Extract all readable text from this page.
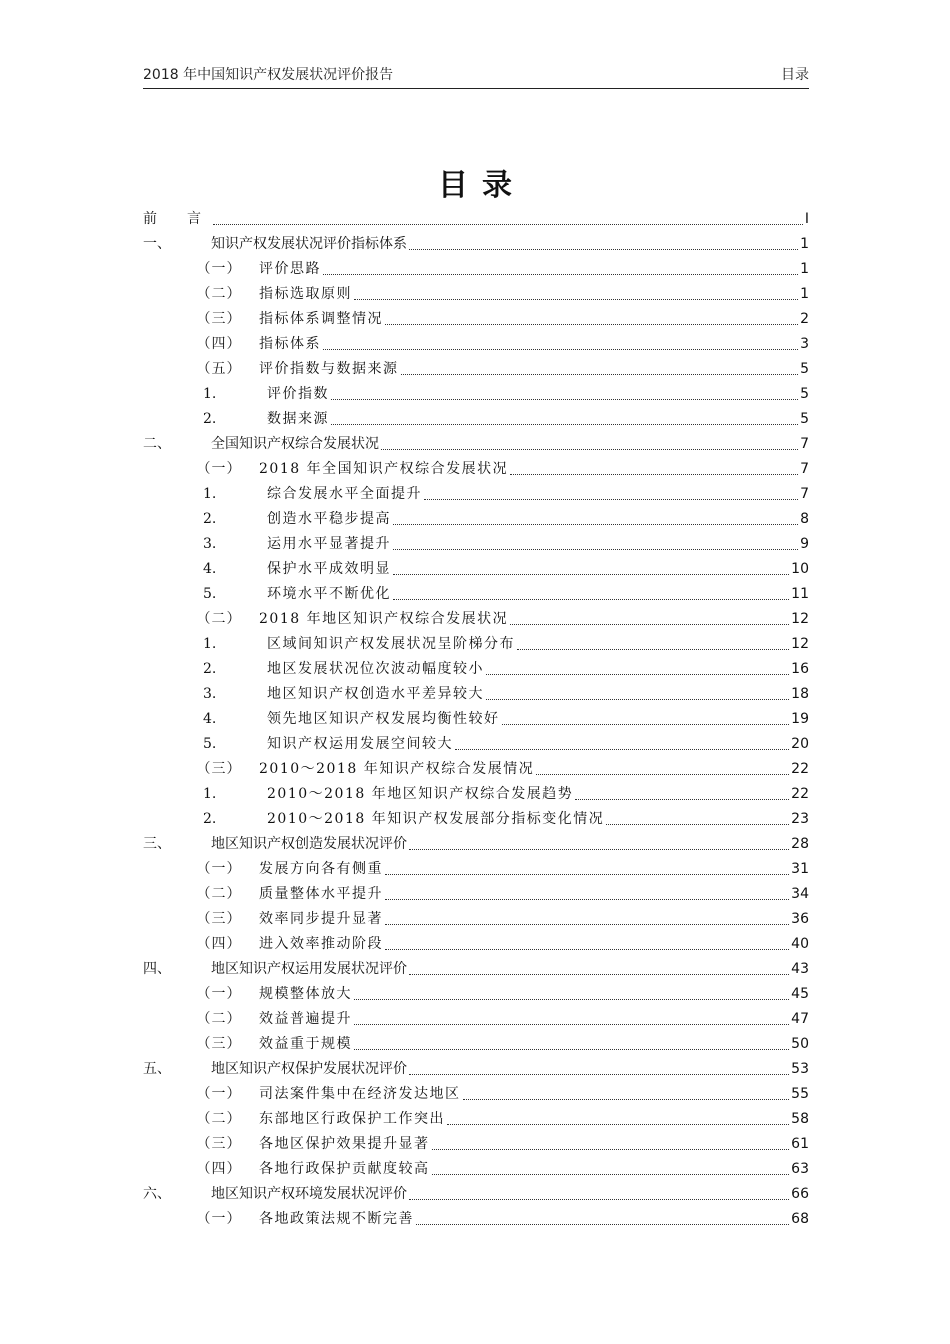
2018 年中国知识产权发展状况评价报告	目录
目录
前言	I
一、	知识产权发展状况评价指标体系	1
（一）	评价思路	1
（二）	指标选取原则	1
（三）	指标体系调整情况	2
（四）	指标体系	3
（五）	评价指数与数据来源	5
1.	评价指数	5
2.	数据来源	5
二、	全国知识产权综合发展状况	7
（一）	2018 年全国知识产权综合发展状况	7
1.	综合发展水平全面提升	7
2.	创造水平稳步提高	8
3.	运用水平显著提升	9
4.	保护水平成效明显	10
5.	环境水平不断优化	11
（二）	2018 年地区知识产权综合发展状况	12
1.	区域间知识产权发展状况呈阶梯分布	12
2.	地区发展状况位次波动幅度较小	16
3.	地区知识产权创造水平差异较大	18
4.	领先地区知识产权发展均衡性较好	19
5.	知识产权运用发展空间较大	20
（三）	2010～2018 年知识产权综合发展情况	22
1.	2010～2018 年地区知识产权综合发展趋势	22
2.	2010～2018 年知识产权发展部分指标变化情况	23
三、	地区知识产权创造发展状况评价	28
（一）	发展方向各有侧重	31
（二）	质量整体水平提升	34
（三）	效率同步提升显著	36
（四）	进入效率推动阶段	40
四、	地区知识产权运用发展状况评价	43
（一）	规模整体放大	45
（二）	效益普遍提升	47
（三）	效益重于规模	50
五、	地区知识产权保护发展状况评价	53
（一）	司法案件集中在经济发达地区	55
（二）	东部地区行政保护工作突出	58
（三）	各地区保护效果提升显著	61
（四）	各地行政保护贡献度较高	63
六、	地区知识产权环境发展状况评价	66
（一）	各地政策法规不断完善	68
